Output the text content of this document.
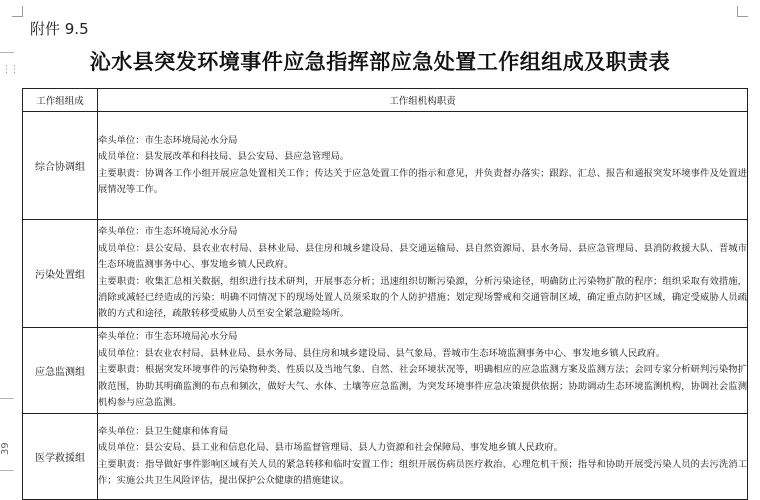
⋮⋮
39
附件 9.5
沁水县突发环境事件应急指挥部应急处置工作组组成及职责表
工作组组成	工作组机构职责
综合协调组	牵头单位：市生态环境局沁水分局
成员单位：县发展改革和科技局、县公安局、县应急管理局。
主要职责：协调各工作小组开展应急处置相关工作；传达关于应急处置工作的指示和意见，并负责督办落实；跟踪、汇总、报告和通报突发环境事件及处置进展情况等工作。

污染处置组	牵头单位：市生态环境局沁水分局
成员单位：县公安局、县农业农村局、县林业局、县住房和城乡建设局、县交通运输局、县自然资源局、县水务局、县应急管理局、县消防救援大队、晋城市生态环境监测事务中心、事发地乡镇人民政府。
主要职责：收集汇总相关数据，组织进行技术研判，开展事态分析；迅速组织切断污染源，分析污染途径，明确防止污染物扩散的程序；组织采取有效措施，消除或减轻已经造成的污染；明确不同情况下的现场处置人员须采取的个人防护措施；划定现场警戒和交通管制区域，确定重点防护区域，确定受威胁人员疏散的方式和途径，疏散转移受威胁人员至安全紧急避险场所。

应急监测组	牵头单位：市生态环境局沁水分局
成员单位：县农业农村局、县林业局、县水务局、县住房和城乡建设局、县气象局、晋城市生态环境监测事务中心、事发地乡镇人民政府。
主要职责：根据突发环境事件的污染物种类、性质以及当地气象、自然、社会环境状况等，明确相应的应急监测方案及监测方法；会同专家分析研判污染物扩散范围，协助其明确监测的布点和频次，做好大气、水体、土壤等应急监测，为突发环境事件应急决策提供依据；协助调动生态环境监测机构，协调社会监测机构参与应急监测。

医学救援组	牵头单位：县卫生健康和体育局
成员单位：县公安局、县工业和信息化局、县市场监督管理局、县人力资源和社会保障局、事发地乡镇人民政府。
主要职责：指导做好事件影响区域有关人员的紧急转移和临时安置工作；组织开展伤病员医疗救治、心理危机干预；指导和协助开展受污染人员的去污洗消工作；实施公共卫生风险评估，提出保护公众健康的措施建议。
